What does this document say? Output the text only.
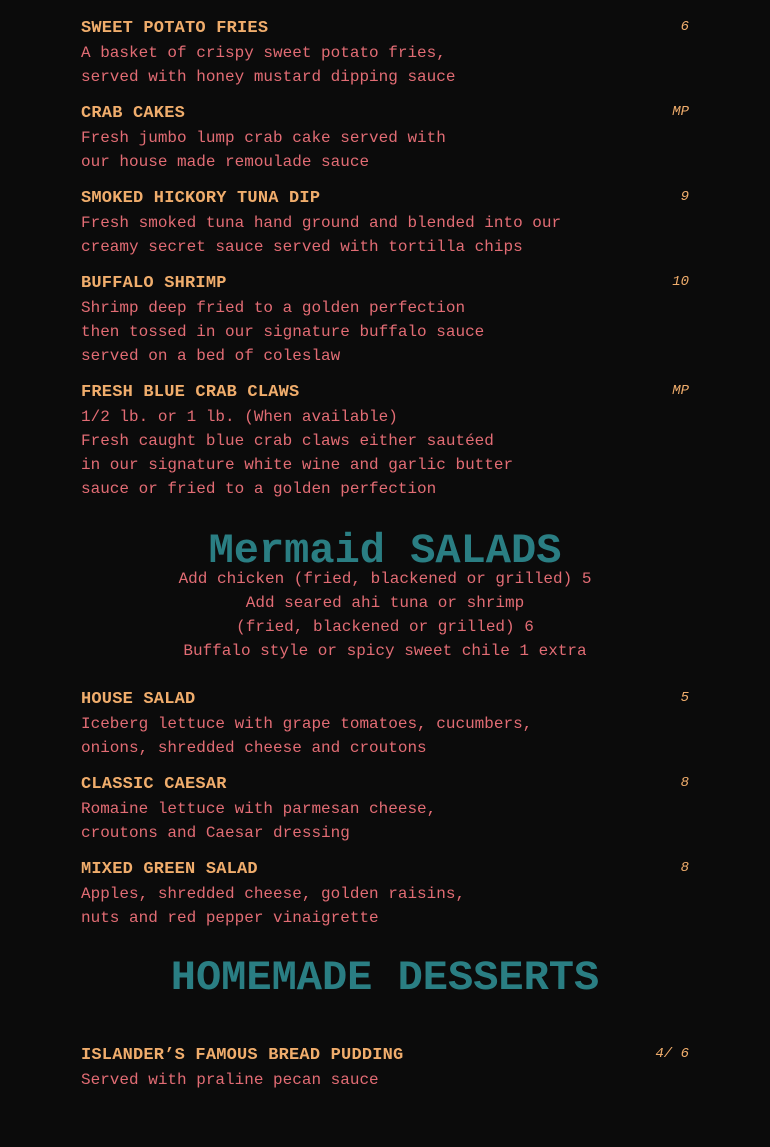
SWEET POTATO FRIES	6
A basket of crispy sweet potato fries,
served with honey mustard dipping sauce
CRAB CAKES	MP
Fresh jumbo lump crab cake served with
our house made remoulade sauce
SMOKED HICKORY TUNA DIP	9
Fresh smoked tuna hand ground and blended into our
creamy secret sauce served with tortilla chips
BUFFALO SHRIMP	10
Shrimp deep fried to a golden perfection
then tossed in our signature buffalo sauce
served on a bed of coleslaw
FRESH BLUE CRAB CLAWS	MP
1/2 lb. or 1 lb. (When available)
Fresh caught blue crab claws either sautéed
in our signature white wine and garlic butter
sauce or fried to a golden perfection
Mermaid SALADS
Add chicken (fried, blackened or grilled) 5
Add seared ahi tuna or shrimp
(fried, blackened or grilled) 6
Buffalo style or spicy sweet chile 1 extra
HOUSE SALAD	5
Iceberg lettuce with grape tomatoes, cucumbers,
onions, shredded cheese and croutons
CLASSIC CAESAR	8
Romaine lettuce with parmesan cheese,
croutons and Caesar dressing
MIXED GREEN SALAD	8
Apples, shredded cheese, golden raisins,
nuts and red pepper vinaigrette
HOMEMADE DESSERTS
ISLANDER’S FAMOUS BREAD PUDDING	4/ 6
Served with praline pecan sauce
